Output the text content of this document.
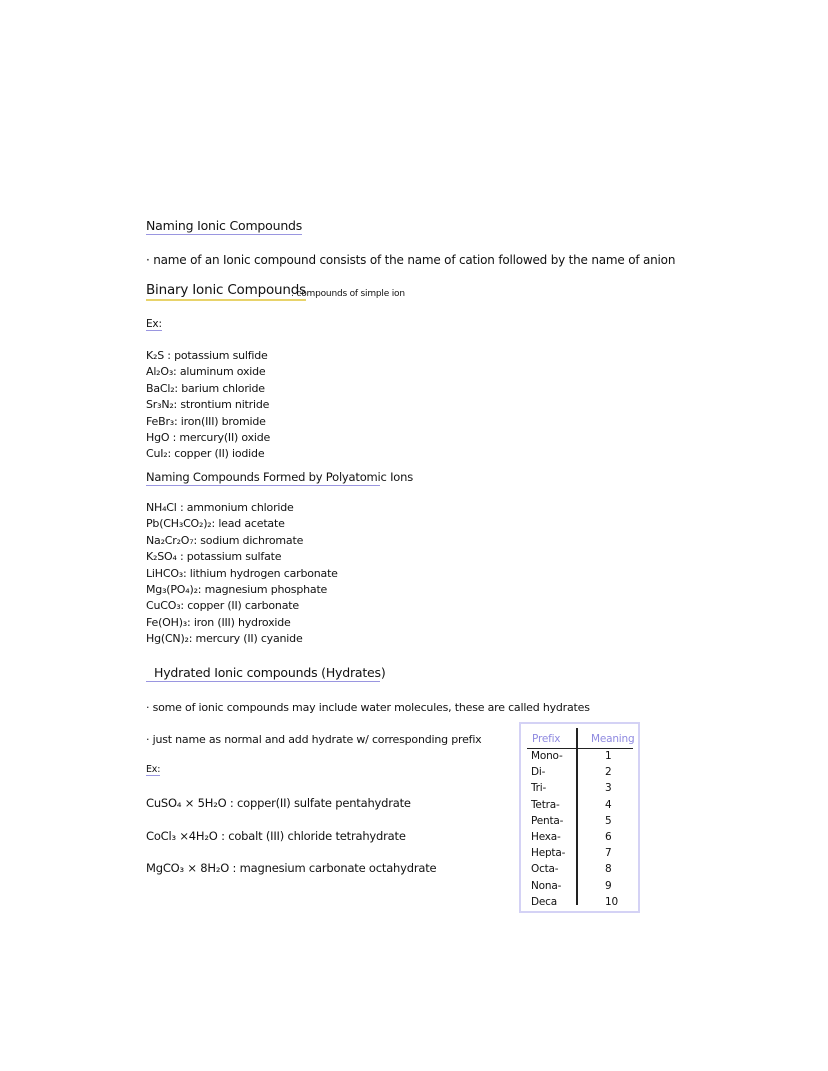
Naming Ionic Compounds
· name of an Ionic compound consists of the name of cation followed by the name of anion
Binary Ionic Compounds
: compounds of simple ion
Ex:
K₂S : potassium sulfide
Al₂O₃: aluminum oxide
BaCl₂: barium chloride
Sr₃N₂: strontium nitride
FeBr₃: iron(III) bromide
HgO : mercury(II) oxide
CuI₂: copper (II) iodide
Naming Compounds Formed by Polyatomic Ions
NH₄Cl : ammonium chloride
Pb(CH₃CO₂)₂: lead acetate
Na₂Cr₂O₇: sodium dichromate
K₂SO₄ : potassium sulfate
LiHCO₃: lithium hydrogen carbonate
Mg₃(PO₄)₂: magnesium phosphate
CuCO₃: copper (II) carbonate
Fe(OH)₃: iron (III) hydroxide
Hg(CN)₂: mercury (II) cyanide
Hydrated Ionic compounds (Hydrates)
· some of ionic compounds may include water molecules, these are called hydrates
· just name as normal and add hydrate w/ corresponding prefix
Ex:
CuSO₄ × 5H₂O : copper(II) sulfate pentahydrate
CoCl₃ ×4H₂O : cobalt (III) chloride tetrahydrate
MgCO₃ × 8H₂O : magnesium carbonate octahydrate
Prefix	Meaning
Mono-	1
Di-	2
Tri-	3
Tetra-	4
Penta-	5
Hexa-	6
Hepta-	7
Octa-	8
Nona-	9
Deca	10
